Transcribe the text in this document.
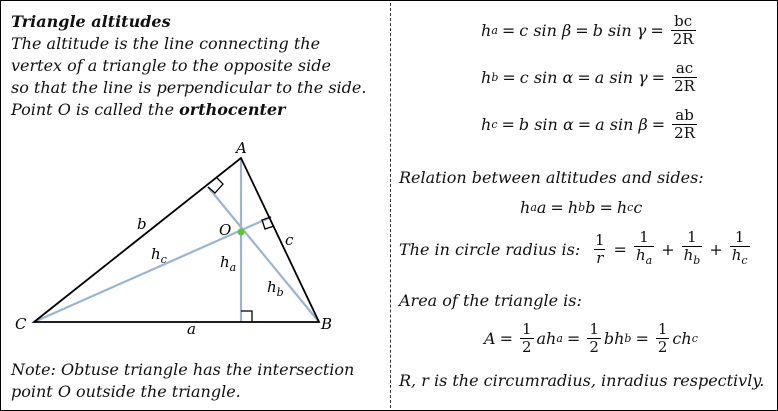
Triangle altitudes
The altitude is the line connecting the
vertex of a triangle to the opposite side
so that the line is perpendicular to the side.
Point O is called the orthocenter
A
B
C
O
b
c
a
$h_c$	$h_a$
$h_b$
Note: Obtuse triangle has the intersection
point O outside the triangle.
h a = c sin β = b $\sin \gamma = \frac{bc}{2R}$
h b = c sin α = a $\sin \gamma = \frac{ac}{2R}$
h c = b sin α = a $\sin \beta = \frac{ab}{2R}$
Relation between altitudes and sides:
h a a = h b b = h c c
The in circle radius is: $\frac{1}{r} = \frac{1}{h_a} + \frac{1}{h_b} + \frac{1}{h_c}$
Area of the triangle is:
$A = \frac{1}{2}$ ah $a = \frac{1}{2}$ bh $b = \frac{1}{2}$ ch c
R, r is the circumradius, inradius respectivly.
